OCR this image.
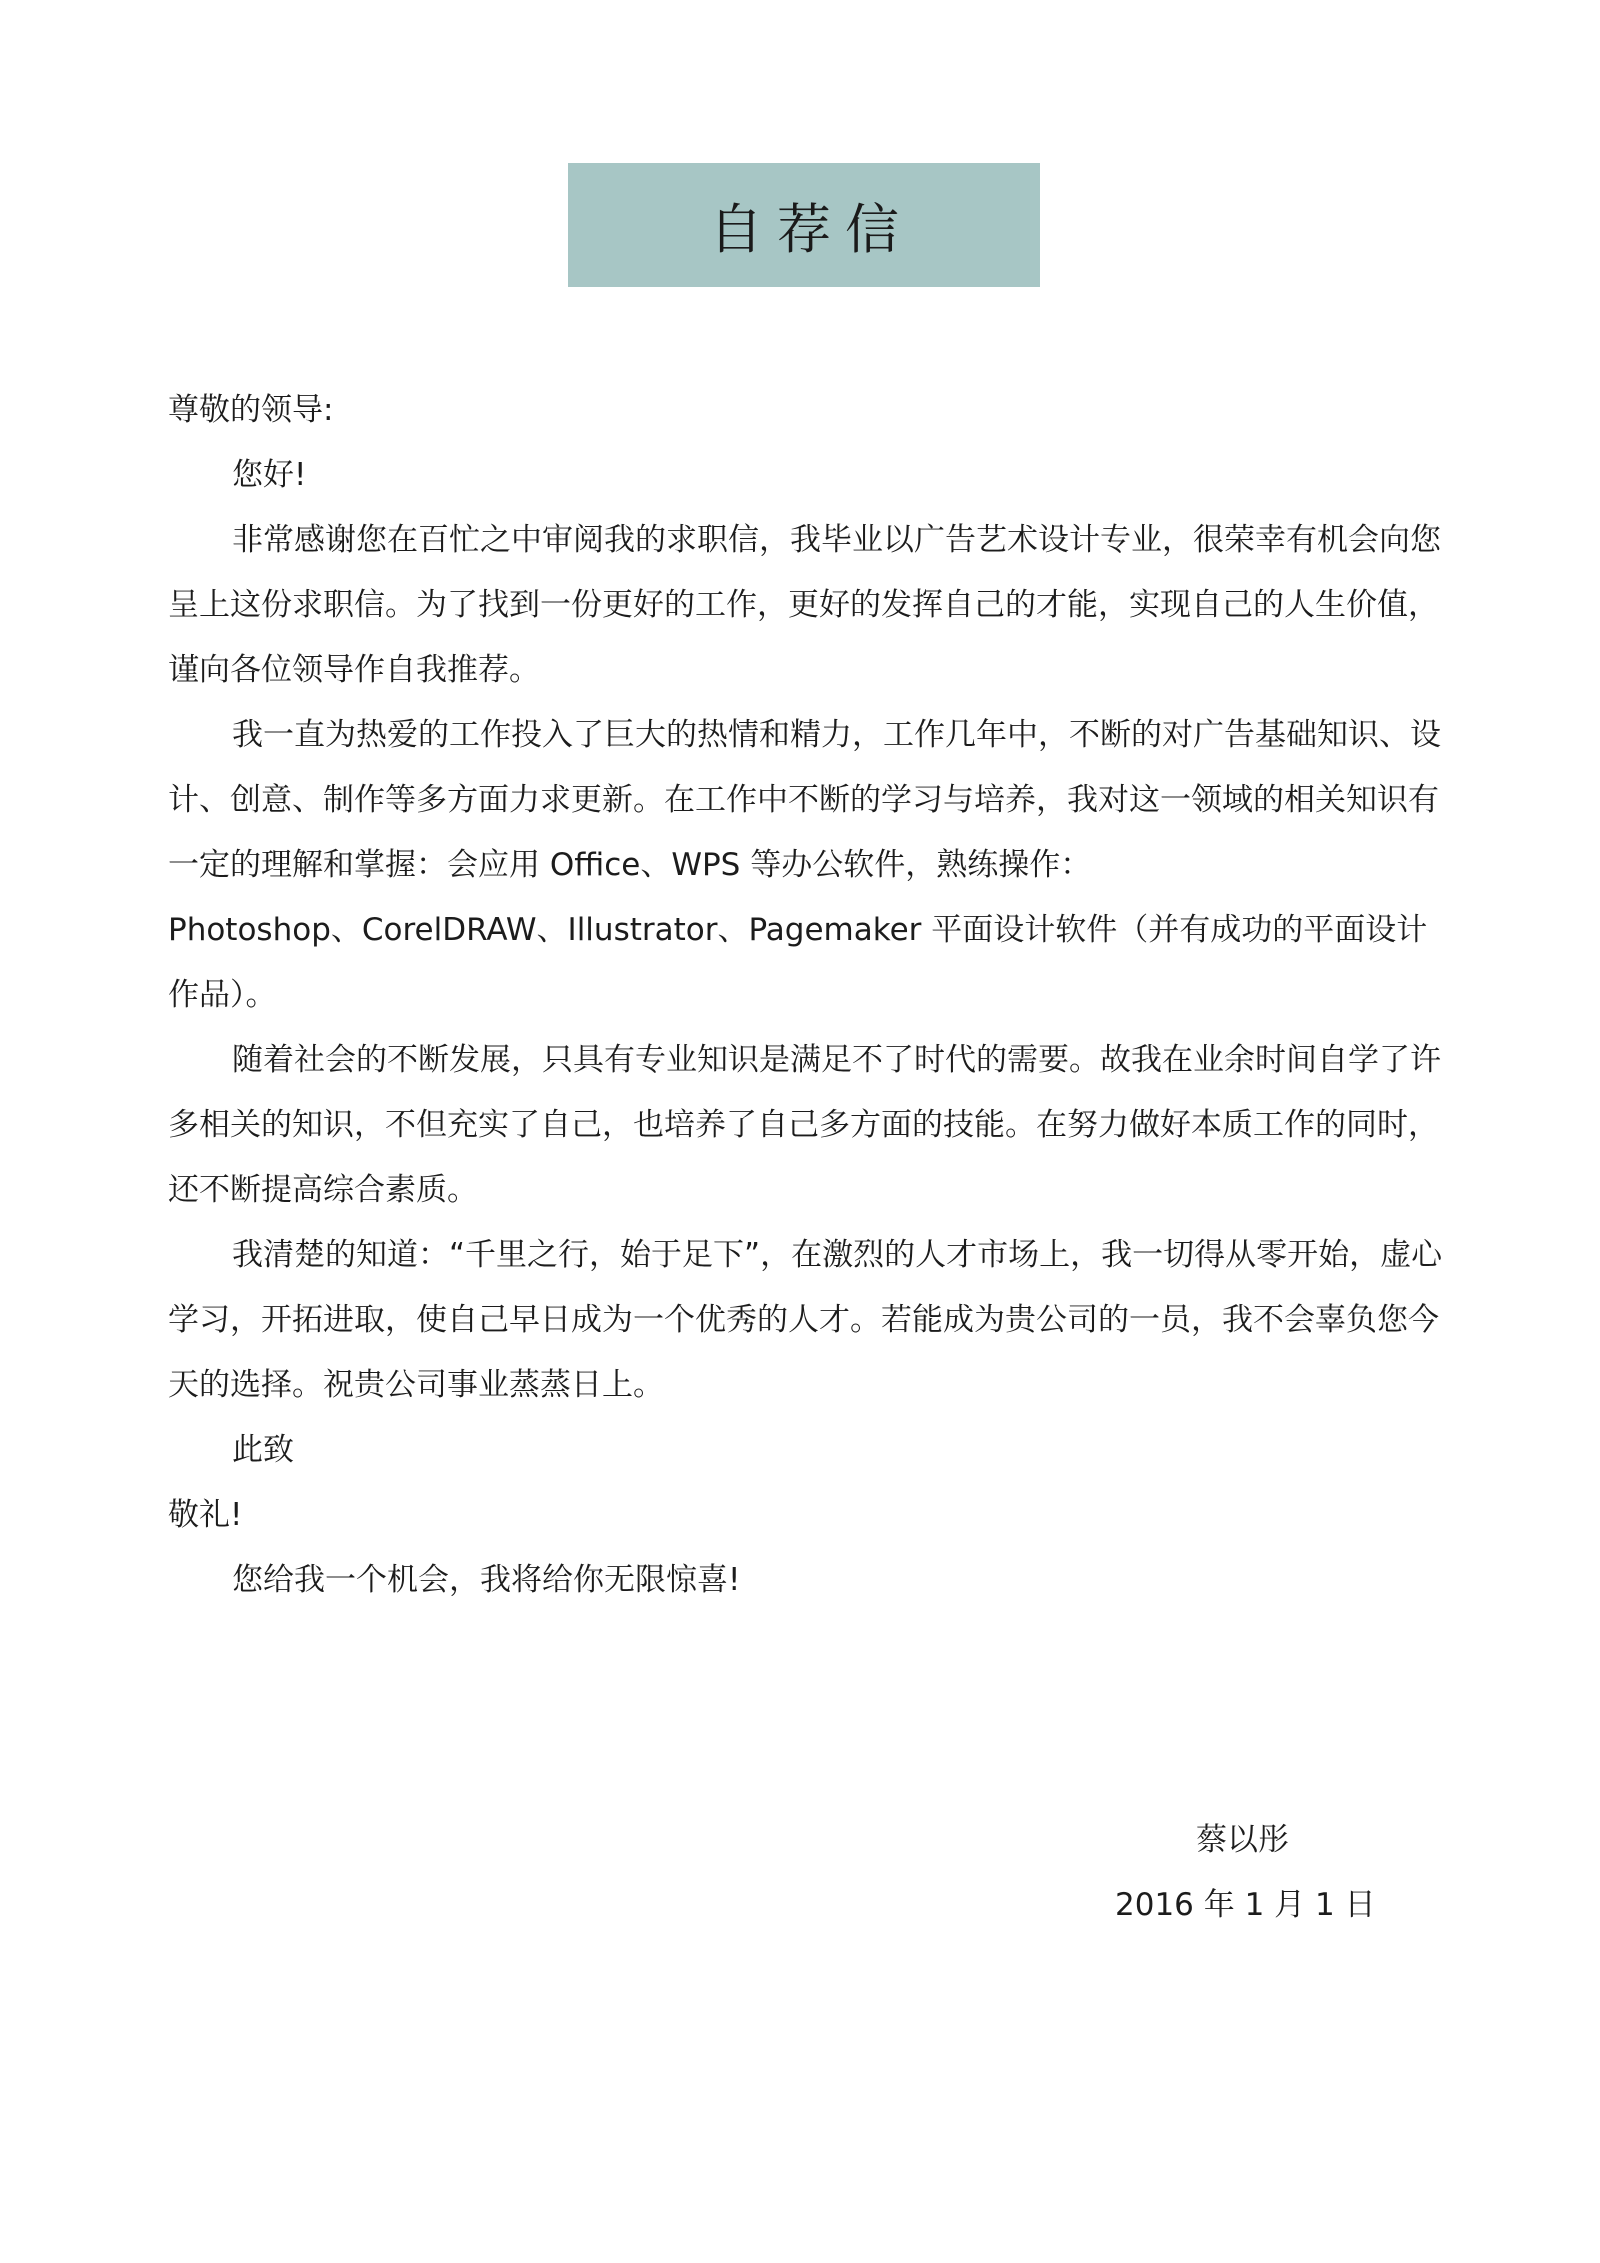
自荐信

尊敬的领导:

您好!

非常感谢您在百忙之中审阅我的求职信，我毕业以广告艺术设计专业，很荣幸有机会向您呈上这份求职信。为了找到一份更好的工作，更好的发挥自己的才能，实现自己的人生价值，谨向各位领导作自我推荐。

我一直为热爱的工作投入了巨大的热情和精力，工作几年中，不断的对广告基础知识、设计、创意、制作等多方面力求更新。在工作中不断的学习与培养，我对这一领域的相关知识有一定的理解和掌握：会应用 Office、WPS 等办公软件，熟练操作：

Photoshop、CorelDRAW、Illustrator、Pagemaker 平面设计软件（并有成功的平面设计作品）。

随着社会的不断发展，只具有专业知识是满足不了时代的需要。故我在业余时间自学了许多相关的知识，不但充实了自己，也培养了自己多方面的技能。在努力做好本质工作的同时，还不断提高综合素质。

我清楚的知道：“千里之行，始于足下”，在激烈的人才市场上，我一切得从零开始，虚心学习，开拓进取，使自己早日成为一个优秀的人才。若能成为贵公司的一员，我不会辜负您今天的选择。祝贵公司事业蒸蒸日上。

此致

敬礼!

您给我一个机会，我将给你无限惊喜!

蔡以彤

2016 年 1 月 1 日
